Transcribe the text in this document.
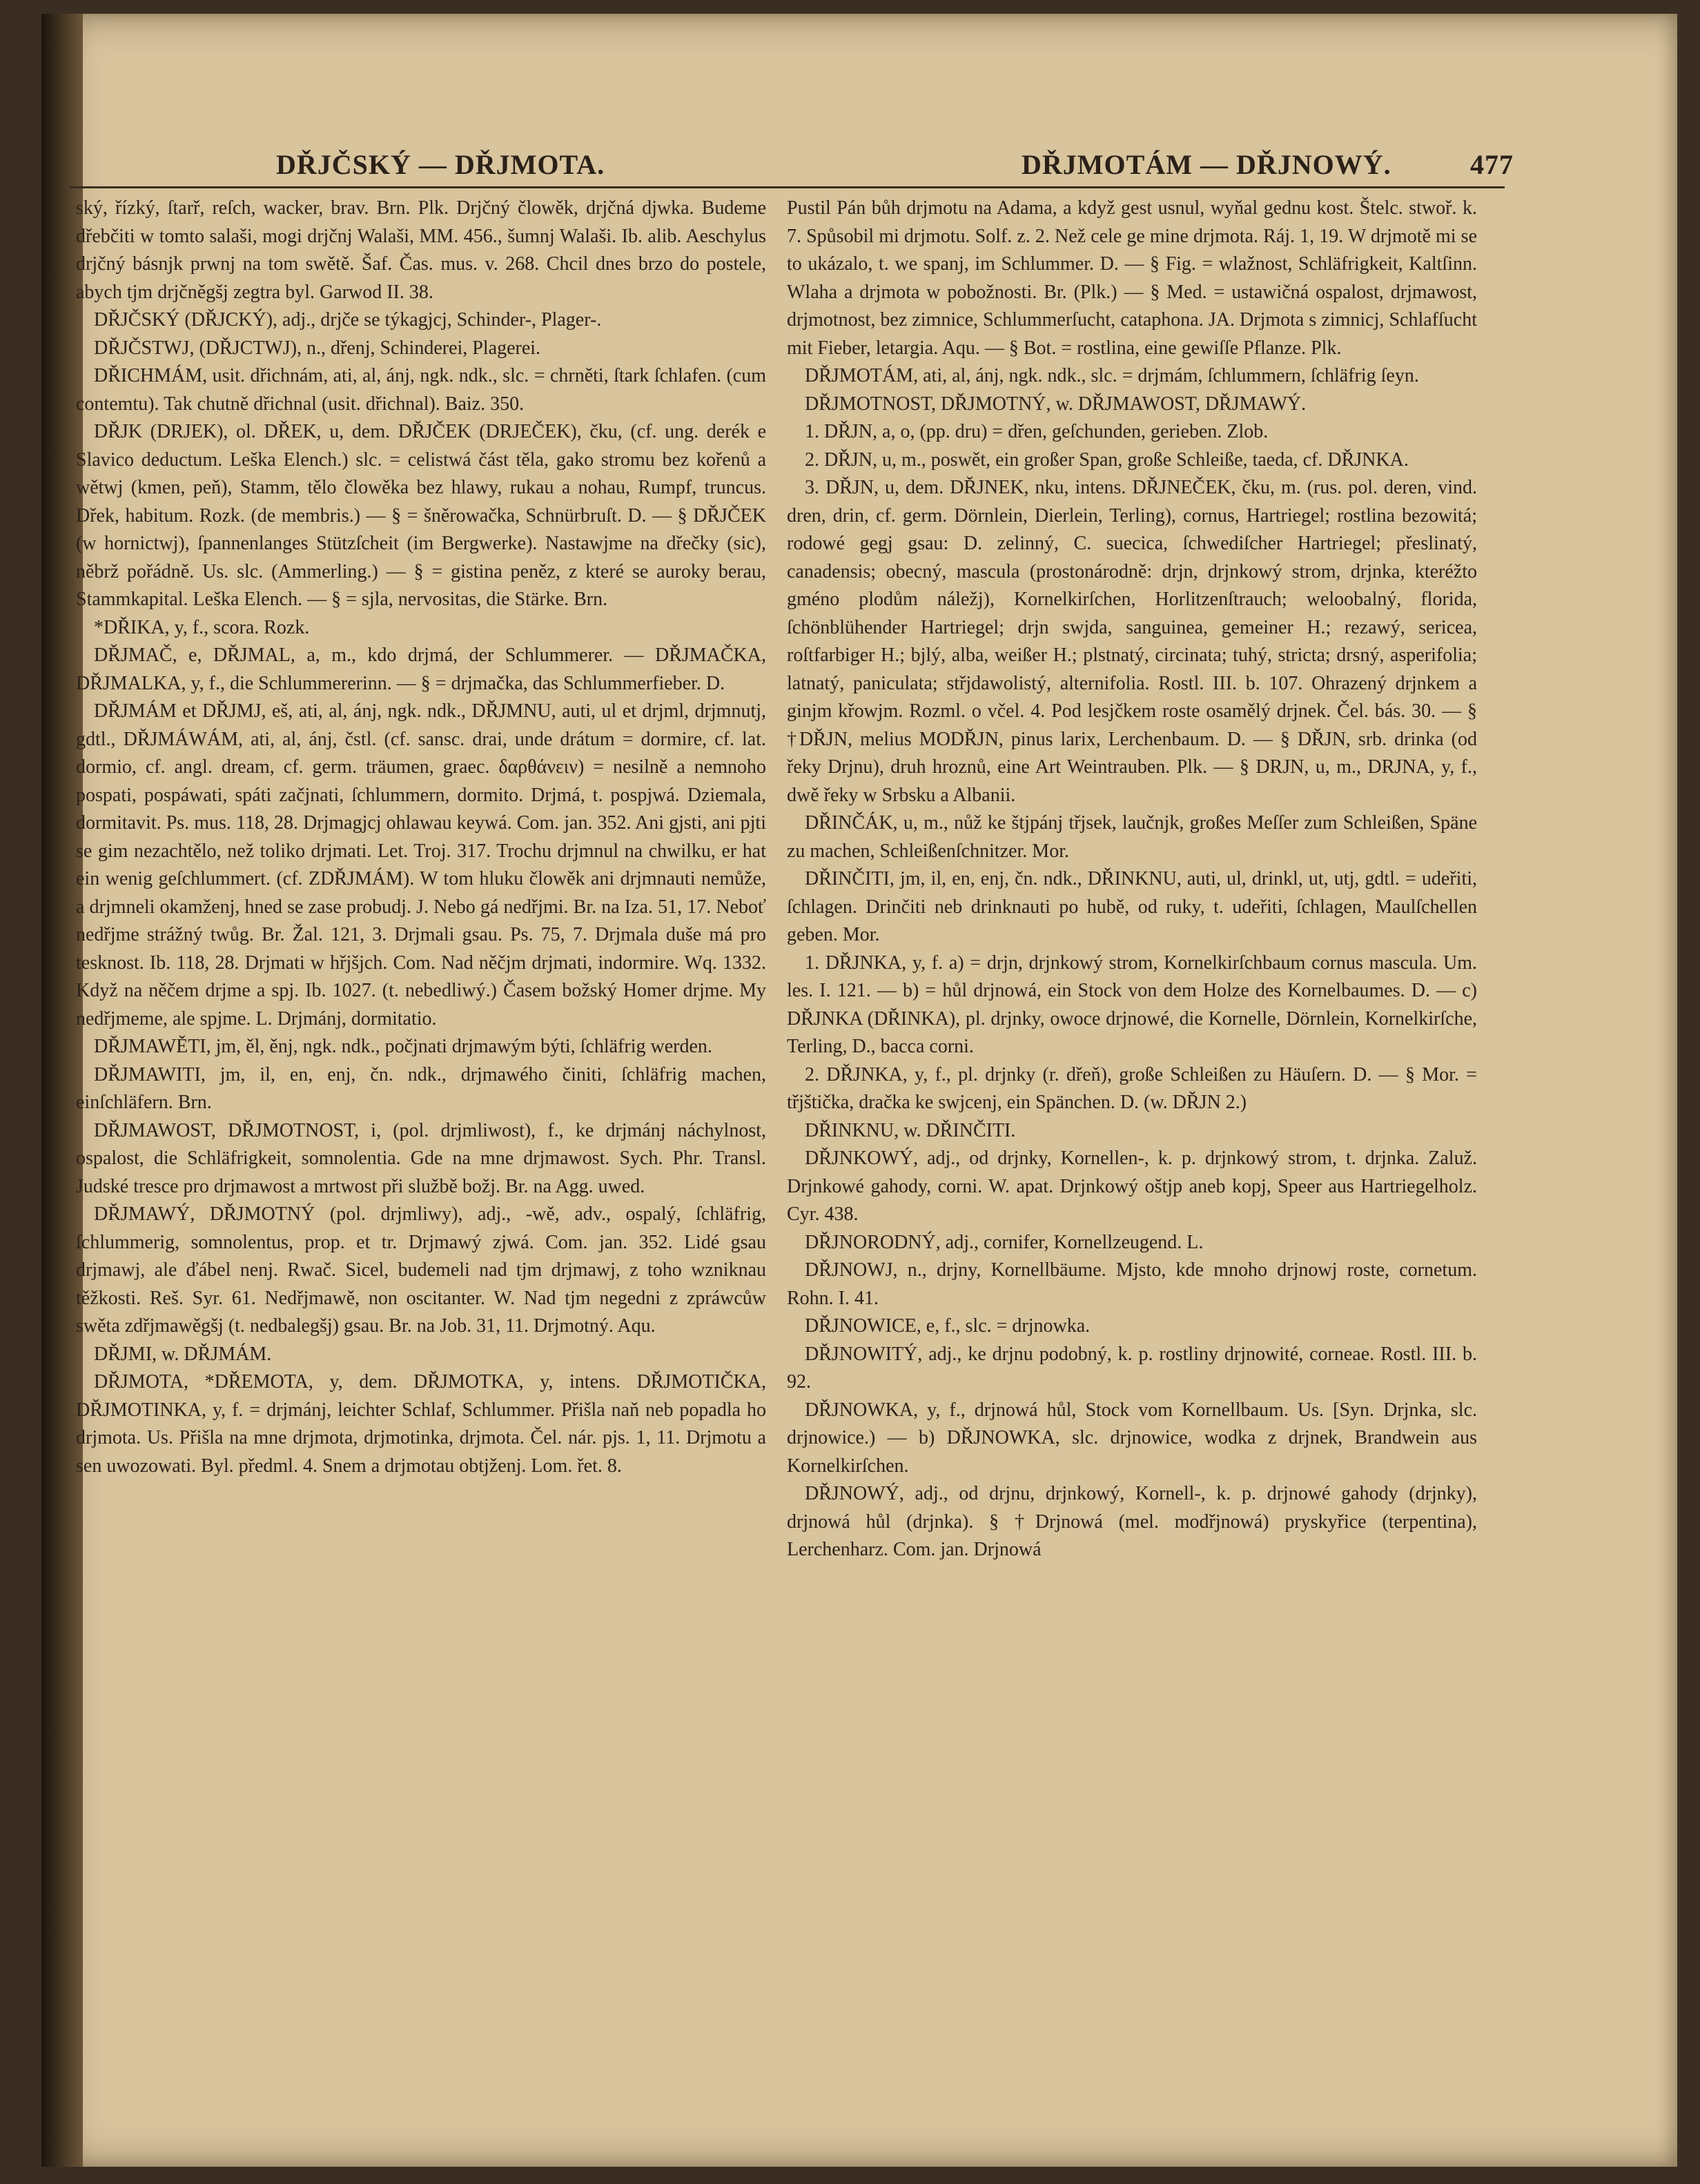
DŘJČSKÝ — DŘJMOTA.	DŘJMOTÁM — DŘJNOWÝ.	477

ský, řízký, ſtarř, reſch, wacker, brav. Brn. Plk. Drjčný člowěk, drjčná djwka. Budeme dřebčiti w tomto salaši, mogi drjčnj Walaši, MM. 456., šumnj Walaši. Ib. alib. Aeschylus drjčný básnjk prwnj na tom swětě. Šaf. Čas. mus. v. 268. Chcil dnes brzo do postele, abych tjm drjčněgšj zegtra byl. Garwod II. 38.

DŘJČSKÝ (DŘJCKÝ), adj., drjče se týkagjcj, Schinder-, Plager-.

DŘJČSTWJ, (DŘJCTWJ), n., dřenj, Schinderei, Plagerei.

DŘICHMÁM, usit. dřichnám, ati, al, ánj, ngk. ndk., slc. = chrněti, ſtark ſchlafen. (cum contemtu). Tak chutně dřichnal (usit. dřichnal). Baiz. 350.

DŘJK (DRJEK), ol. DŘEK, u, dem. DŘJČEK (DRJEČEK), čku, (cf. ung. derék e Slavico deductum. Leška Elench.) slc. = celistwá část těla, gako stromu bez kořenů a wětwj (kmen, peň), Stamm, tělo člowěka bez hlawy, rukau a nohau, Rumpf, truncus. Dřek, habitum. Rozk. (de membris.) — § = šněrowačka, Schnürbruſt. D. — § DŘJČEK (w hornictwj), ſpannenlanges Stützſcheit (im Bergwerke). Nastawjme na dřečky (sic), něbrž pořádně. Us. slc. (Ammerling.) — § = gistina peněz, z které se auroky berau, Stammkapital. Leška Elench. — § = sjla, nervositas, die Stärke. Brn.

*DŘIKA, y, f., scora. Rozk.

DŘJMAČ, e, DŘJMAL, a, m., kdo drjmá, der Schlummerer. — DŘJMAČKA, DŘJMALKA, y, f., die Schlummererinn. — § = drjmačka, das Schlummerfieber. D.

DŘJMÁM et DŘJMJ, eš, ati, al, ánj, ngk. ndk., DŘJMNU, auti, ul et drjml, drjmnutj, gdtl., DŘJMÁWÁM, ati, al, ánj, čstl. (cf. sansc. drai, unde drátum = dormire, cf. lat. dormio, cf. angl. dream, cf. germ. träumen, graec. δαρθάνειν) = nesilně a nemnoho pospati, pospáwati, spáti začjnati, ſchlummern, dormito. Drjmá, t. pospjwá. Dziemala, dormitavit. Ps. mus. 118, 28. Drjmagjcj ohlawau keywá. Com. jan. 352. Ani gjsti, ani pjti se gim nezachtělo, než toliko drjmati. Let. Troj. 317. Trochu drjmnul na chwilku, er hat ein wenig geſchlummert. (cf. ZDŘJMÁM). W tom hluku člowěk ani drjmnauti nemůže, a drjmneli okamženj, hned se zase probudj. J. Nebo gá nedřjmi. Br. na Iza. 51, 17. Neboť nedřjme strážný twůg. Br. Žal. 121, 3. Drjmali gsau. Ps. 75, 7. Drjmala duše má pro tesknost. Ib. 118, 28. Drjmati w hřjšjch. Com. Nad něčjm drjmati, indormire. Wq. 1332. Když na něčem drjme a spj. Ib. 1027. (t. nebedliwý.) Časem božský Homer drjme. My nedřjmeme, ale spjme. L. Drjmánj, dormitatio.

DŘJMAWĚTI, jm, ěl, ěnj, ngk. ndk., počjnati drjmawým býti, ſchläfrig werden.

DŘJMAWITI, jm, il, en, enj, čn. ndk., drjmawého činiti, ſchläfrig machen, einſchläfern. Brn.

DŘJMAWOST, DŘJMOTNOST, i, (pol. drjmliwost), f., ke drjmánj náchylnost, ospalost, die Schläfrigkeit, somnolentia. Gde na mne drjmawost. Sych. Phr. Transl. Judské tresce pro drjmawost a mrtwost při službě božj. Br. na Agg. uwed.

DŘJMAWÝ, DŘJMOTNÝ (pol. drjmliwy), adj., -wě, adv., ospalý, ſchläfrig, ſchlummerig, somnolentus, prop. et tr. Drjmawý zjwá. Com. jan. 352. Lidé gsau drjmawj, ale ďábel nenj. Rwač. Sicel, budemeli nad tjm drjmawj, z toho wzniknau těžkosti. Reš. Syr. 61. Nedřjmawě, non oscitanter. W. Nad tjm negedni z zpráwcůw swěta zdřjmawěgšj (t. nedbalegšj) gsau. Br. na Job. 31, 11. Drjmotný. Aqu.

DŘJMI, w. DŘJMÁM.

DŘJMOTA, *DŘEMOTA, y, dem. DŘJMOTKA, y, intens. DŘJMOTIČKA, DŘJMOTINKA, y, f. = drjmánj, leichter Schlaf, Schlummer. Přišla naň neb popadla ho drjmota. Us. Přišla na mne drjmota, drjmotinka, drjmota. Čel. nár. pjs. 1, 11. Drjmotu a sen uwozowati. Byl. předml. 4. Snem a drjmotau obtjženj. Lom. řet. 8.

Pustil Pán bůh drjmotu na Adama, a když gest usnul, wyňal gednu kost. Štelc. stwoř. k. 7. Spůsobil mi drjmotu. Solf. z. 2. Než cele ge mine drjmota. Ráj. 1, 19. W drjmotě mi se to ukázalo, t. we spanj, im Schlummer. D. — § Fig. = wlažnost, Schläfrigkeit, Kaltſinn. Wlaha a drjmota w pobožnosti. Br. (Plk.) — § Med. = ustawičná ospalost, drjmawost, drjmotnost, bez zimnice, Schlummerſucht, cataphona. JA. Drjmota s zimnicj, Schlafſucht mit Fieber, letargia. Aqu. — § Bot. = rostlina, eine gewiſſe Pflanze. Plk.

DŘJMOTÁM, ati, al, ánj, ngk. ndk., slc. = drjmám, ſchlummern, ſchläfrig ſeyn.

DŘJMOTNOST, DŘJMOTNÝ, w. DŘJMAWOST, DŘJMAWÝ.

1. DŘJN, a, o, (pp. dru) = dřen, geſchunden, gerieben. Zlob.

2. DŘJN, u, m., poswět, ein großer Span, große Schleiße, taeda, cf. DŘJNKA.

3. DŘJN, u, dem. DŘJNEK, nku, intens. DŘJNEČEK, čku, m. (rus. pol. deren, vind. dren, drin, cf. germ. Dörnlein, Dierlein, Terling), cornus, Hartriegel; rostlina bezowitá; rodowé gegj gsau: D. zelinný, C. suecica, ſchwediſcher Hartriegel; přeslinatý, canadensis; obecný, mascula (prostonárodně: drjn, drjnkowý strom, drjnka, kteréžto gméno plodům náležj), Kornelkirſchen, Horlitzenſtrauch; weloobalný, florida, ſchönblühender Hartriegel; drjn swjda, sanguinea, gemeiner H.; rezawý, sericea, roſtfarbiger H.; bjlý, alba, weißer H.; plstnatý, circinata; tuhý, stricta; drsný, asperifolia; latnatý, paniculata; střjdawolistý, alternifolia. Rostl. III. b. 107. Ohrazený drjnkem a ginjm křowjm. Rozml. o včel. 4. Pod lesjčkem roste osamělý drjnek. Čel. bás. 30. — § †DŘJN, melius MODŘJN, pinus larix, Lerchenbaum. D. — § DŘJN, srb. drinka (od řeky Drjnu), druh hroznů, eine Art Weintrauben. Plk. — § DRJN, u, m., DRJNA, y, f., dwě řeky w Srbsku a Albanii.

DŘINČÁK, u, m., nůž ke štjpánj třjsek, laučnjk, großes Meſſer zum Schleißen, Späne zu machen, Schleißenſchnitzer. Mor.

DŘINČITI, jm, il, en, enj, čn. ndk., DŘINKNU, auti, ul, drinkl, ut, utj, gdtl. = udeřiti, ſchlagen. Drinčiti neb drinknauti po hubě, od ruky, t. udeřiti, ſchlagen, Maulſchellen geben. Mor.

1. DŘJNKA, y, f. a) = drjn, drjnkowý strom, Kornelkirſchbaum cornus mascula. Um. les. I. 121. — b) = hůl drjnowá, ein Stock von dem Holze des Kornelbaumes. D. — c) DŘJNKA (DŘINKA), pl. drjnky, owoce drjnowé, die Kornelle, Dörnlein, Kornelkirſche, Terling, D., bacca corni.

2. DŘJNKA, y, f., pl. drjnky (r. dřeň), große Schleißen zu Häuſern. D. — § Mor. = třjštička, dračka ke swjcenj, ein Spänchen. D. (w. DŘJN 2.)

DŘINKNU, w. DŘINČITI.

DŘJNKOWÝ, adj., od drjnky, Kornellen-, k. p. drjnkowý strom, t. drjnka. Zaluž. Drjnkowé gahody, corni. W. apat. Drjnkowý oštjp aneb kopj, Speer aus Hartriegelholz. Cyr. 438.

DŘJNORODNÝ, adj., cornifer, Kornellzeugend. L.

DŘJNOWJ, n., drjny, Kornellbäume. Mjsto, kde mnoho drjnowj roste, cornetum. Rohn. I. 41.

DŘJNOWICE, e, f., slc. = drjnowka.

DŘJNOWITÝ, adj., ke drjnu podobný, k. p. rostliny drjnowité, corneae. Rostl. III. b. 92.

DŘJNOWKA, y, f., drjnowá hůl, Stock vom Kornellbaum. Us. [Syn. Drjnka, slc. drjnowice.) — b) DŘJNOWKA, slc. drjnowice, wodka z drjnek, Brandwein aus Kornelkirſchen.

DŘJNOWÝ, adj., od drjnu, drjnkowý, Kornell-, k. p. drjnowé gahody (drjnky), drjnowá hůl (drjnka). § †Drjnowá (mel. modřjnowá) pryskyřice (terpentina), Lerchenharz. Com. jan. Drjnowá
